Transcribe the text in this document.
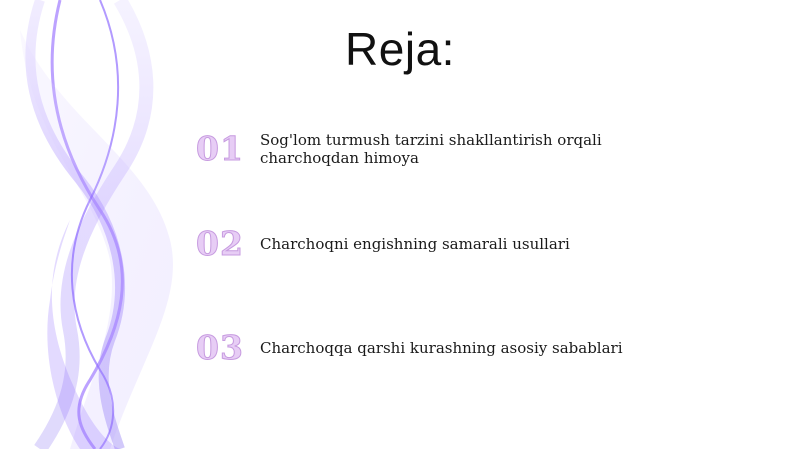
Reja:
01	Sog'lom turmush tarzini shakllantirish orqali charchoqdan himoya
02	Charchoqni engishning samarali usullari
03	Charchoqqa qarshi kurashning asosiy sabablari
